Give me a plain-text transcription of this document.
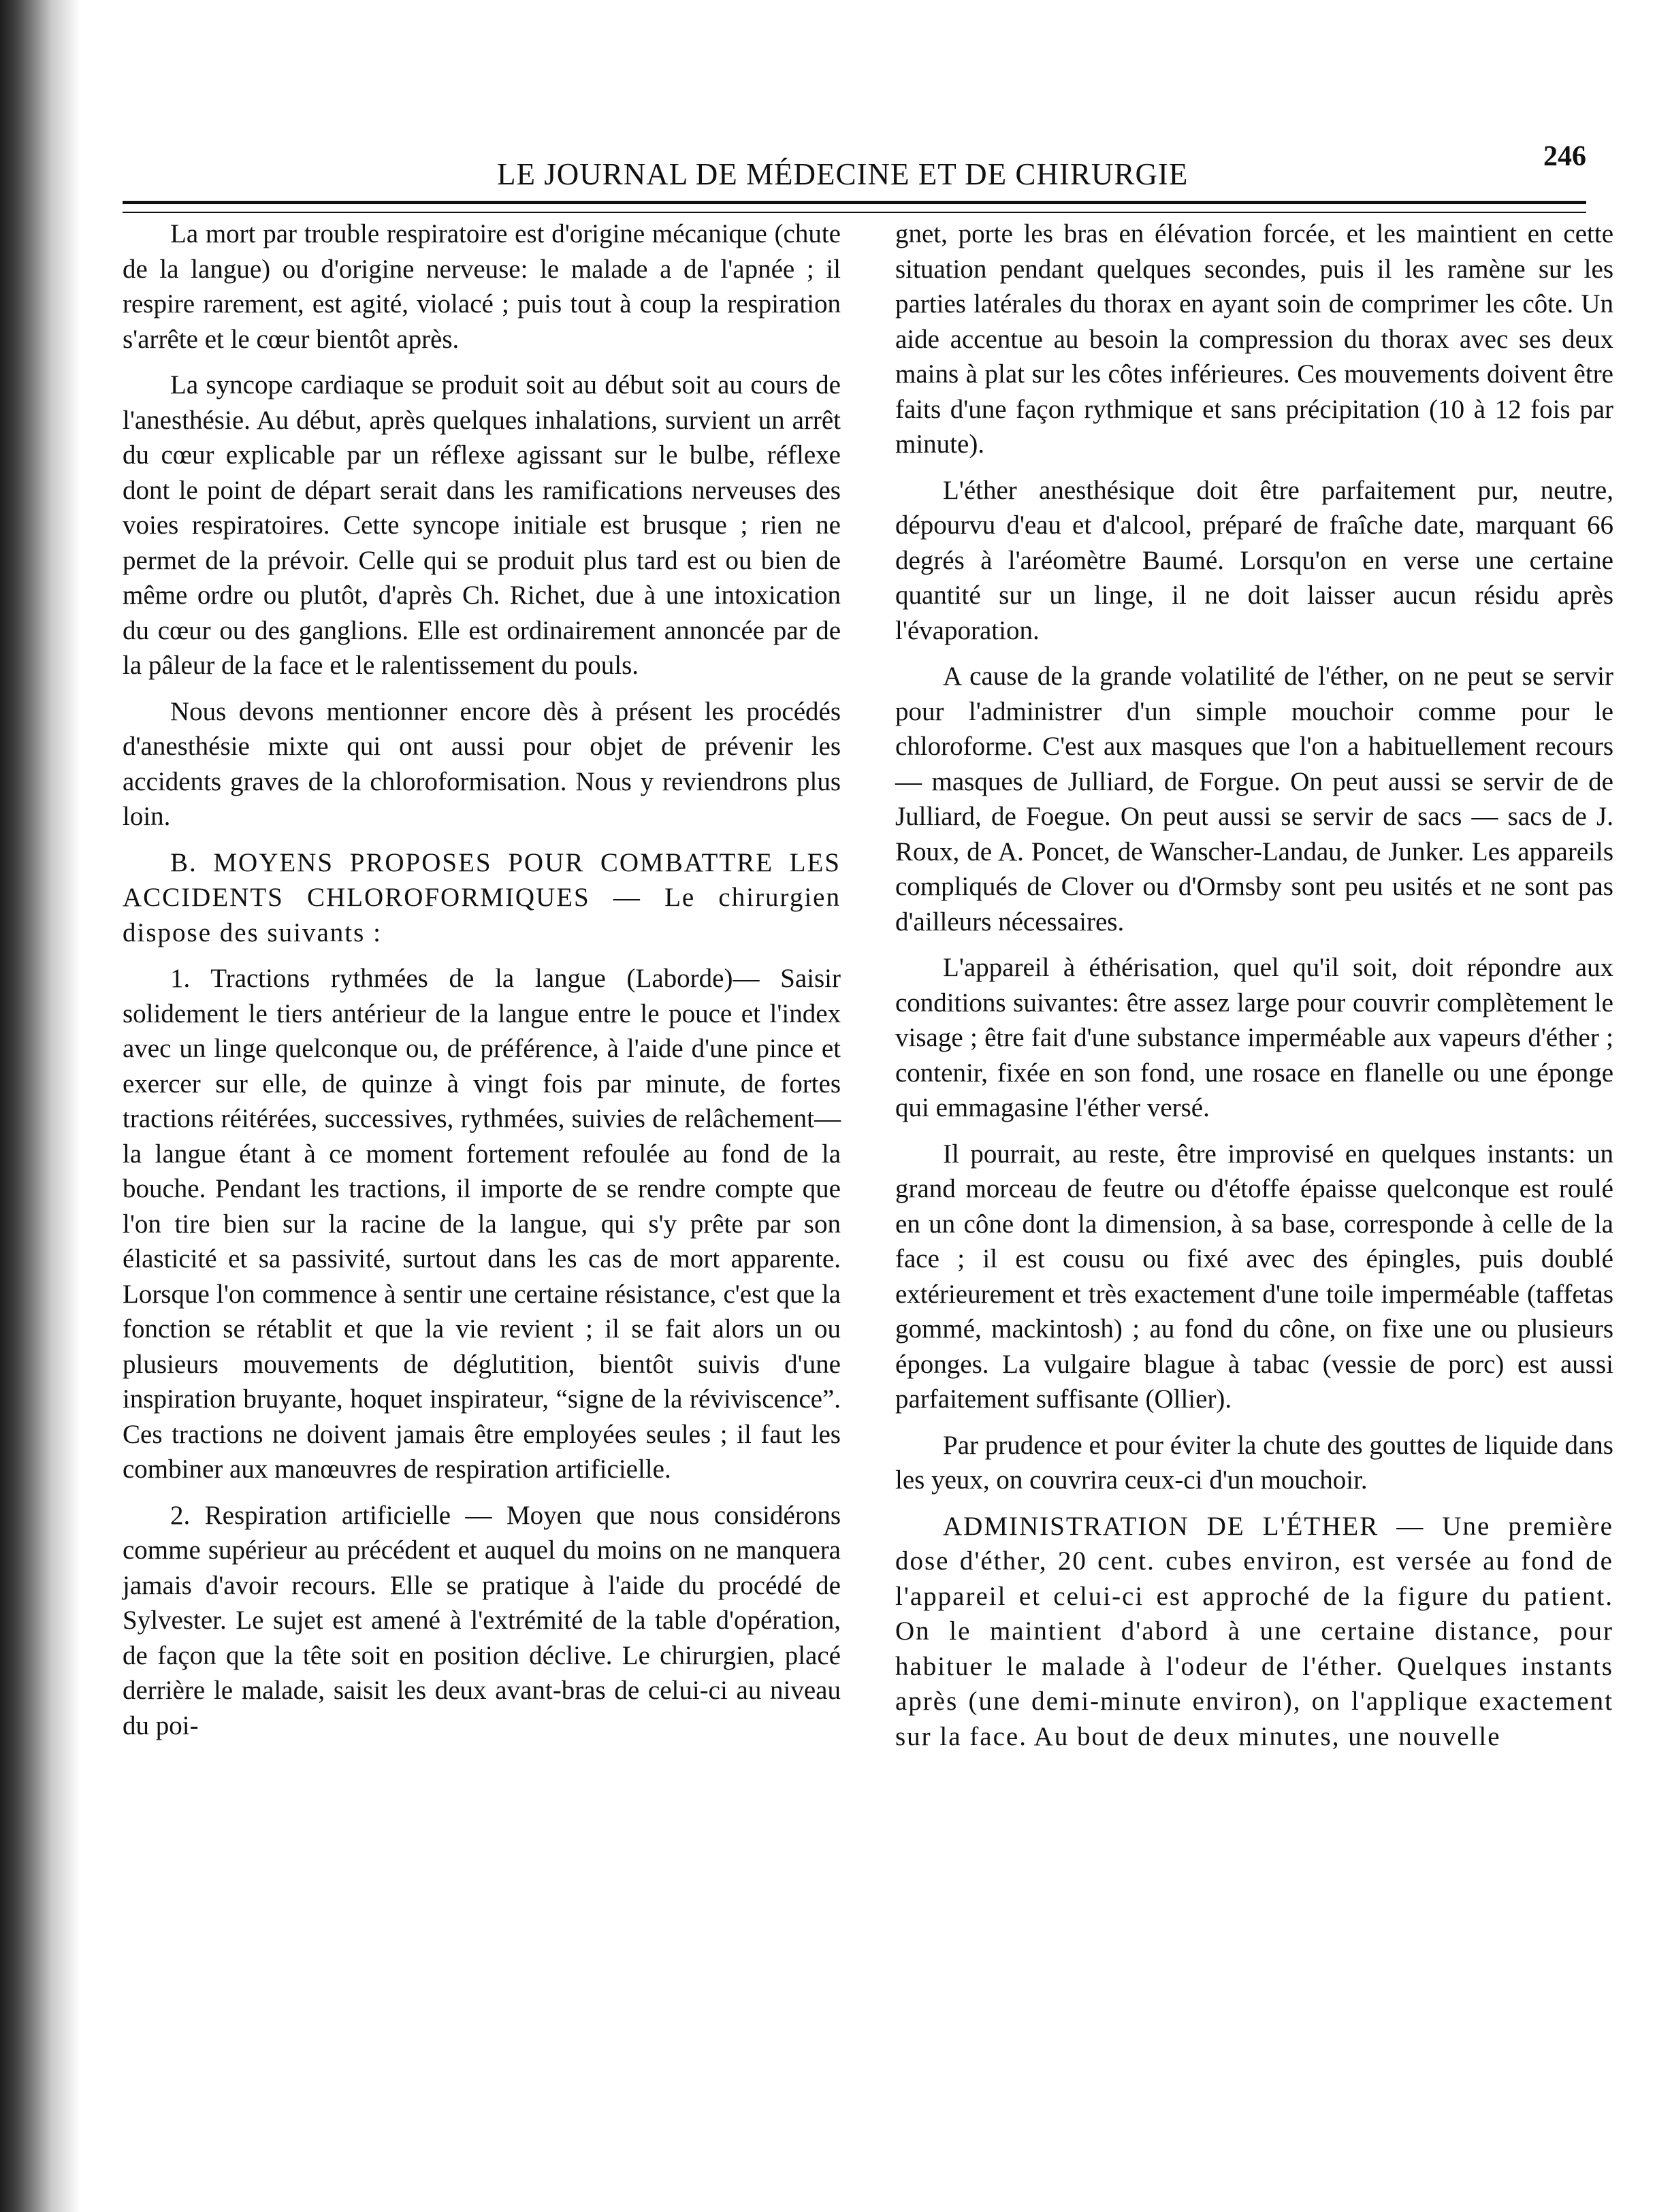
LE JOURNAL DE MÉDECINE ET DE CHIRURGIE
246

La mort par trouble respiratoire est d'origine mécanique (chute de la langue) ou d'origine nerveuse: le malade a de l'apnée ; il respire rarement, est agité, violacé ; puis tout à coup la respiration s'arrête et le cœur bientôt après.

La syncope cardiaque se produit soit au début soit au cours de l'anesthésie. Au début, après quelques inhalations, survient un arrêt du cœur explicable par un réflexe agissant sur le bulbe, réflexe dont le point de départ serait dans les ramifications nerveuses des voies respiratoires. Cette syncope initiale est brusque ; rien ne permet de la prévoir. Celle qui se produit plus tard est ou bien de même ordre ou plutôt, d'après Ch. Richet, due à une intoxication du cœur ou des ganglions. Elle est ordinairement annoncée par de la pâleur de la face et le ralentissement du pouls.

Nous devons mentionner encore dès à présent les procédés d'anesthésie mixte qui ont aussi pour objet de prévenir les accidents graves de la chloroformisation. Nous y reviendrons plus loin.

B. MOYENS PROPOSES POUR COMBATTRE LES ACCIDENTS CHLOROFORMIQUES — Le chirurgien dispose des suivants :

1. Tractions rythmées de la langue (Laborde)— Saisir solidement le tiers antérieur de la langue entre le pouce et l'index avec un linge quelconque ou, de préférence, à l'aide d'une pince et exercer sur elle, de quinze à vingt fois par minute, de fortes tractions réitérées, successives, rythmées, suivies de relâchement—la langue étant à ce moment fortement refoulée au fond de la bouche. Pendant les tractions, il importe de se rendre compte que l'on tire bien sur la racine de la langue, qui s'y prête par son élasticité et sa passivité, surtout dans les cas de mort apparente. Lorsque l'on commence à sentir une certaine résistance, c'est que la fonction se rétablit et que la vie revient ; il se fait alors un ou plusieurs mouvements de déglutition, bientôt suivis d'une inspiration bruyante, hoquet inspirateur, “signe de la réviviscence”. Ces tractions ne doivent jamais être employées seules ; il faut les combiner aux manœuvres de respiration artificielle.

2. Respiration artificielle — Moyen que nous considérons comme supérieur au précédent et auquel du moins on ne manquera jamais d'avoir recours. Elle se pratique à l'aide du procédé de Sylvester. Le sujet est amené à l'extrémité de la table d'opération, de façon que la tête soit en position déclive. Le chirurgien, placé derrière le malade, saisit les deux avant-bras de celui-ci au niveau du poi-

gnet, porte les bras en élévation forcée, et les maintient en cette situation pendant quelques secondes, puis il les ramène sur les parties latérales du thorax en ayant soin de comprimer les côte. Un aide accentue au besoin la compression du thorax avec ses deux mains à plat sur les côtes inférieures. Ces mouvements doivent être faits d'une façon rythmique et sans précipitation (10 à 12 fois par minute).

L'éther anesthésique doit être parfaitement pur, neutre, dépourvu d'eau et d'alcool, préparé de fraîche date, marquant 66 degrés à l'aréomètre Baumé. Lorsqu'on en verse une certaine quantité sur un linge, il ne doit laisser aucun résidu après l'évaporation.

A cause de la grande volatilité de l'éther, on ne peut se servir pour l'administrer d'un simple mouchoir comme pour le chloroforme. C'est aux masques que l'on a habituellement recours — masques de Julliard, de Forgue. On peut aussi se servir de de Julliard, de Foegue. On peut aussi se servir de sacs — sacs de J. Roux, de A. Poncet, de Wanscher-Landau, de Junker. Les appareils compliqués de Clover ou d'Ormsby sont peu usités et ne sont pas d'ailleurs nécessaires.

L'appareil à éthérisation, quel qu'il soit, doit répondre aux conditions suivantes: être assez large pour couvrir complètement le visage ; être fait d'une substance imperméable aux vapeurs d'éther ; contenir, fixée en son fond, une rosace en flanelle ou une éponge qui emmagasine l'éther versé.

Il pourrait, au reste, être improvisé en quelques instants: un grand morceau de feutre ou d'étoffe épaisse quelconque est roulé en un cône dont la dimension, à sa base, corresponde à celle de la face ; il est cousu ou fixé avec des épingles, puis doublé extérieurement et très exactement d'une toile imperméable (taffetas gommé, mackintosh) ; au fond du cône, on fixe une ou plusieurs éponges. La vulgaire blague à tabac (vessie de porc) est aussi parfaitement suffisante (Ollier).

Par prudence et pour éviter la chute des gouttes de liquide dans les yeux, on couvrira ceux-ci d'un mouchoir.

ADMINISTRATION DE L'ÉTHER — Une première dose d'éther, 20 cent. cubes environ, est versée au fond de l'appareil et celui-ci est approché de la figure du patient. On le maintient d'abord à une certaine distance, pour habituer le malade à l'odeur de l'éther. Quelques instants après (une demi-minute environ), on l'applique exactement sur la face. Au bout de deux minutes, une nouvelle
